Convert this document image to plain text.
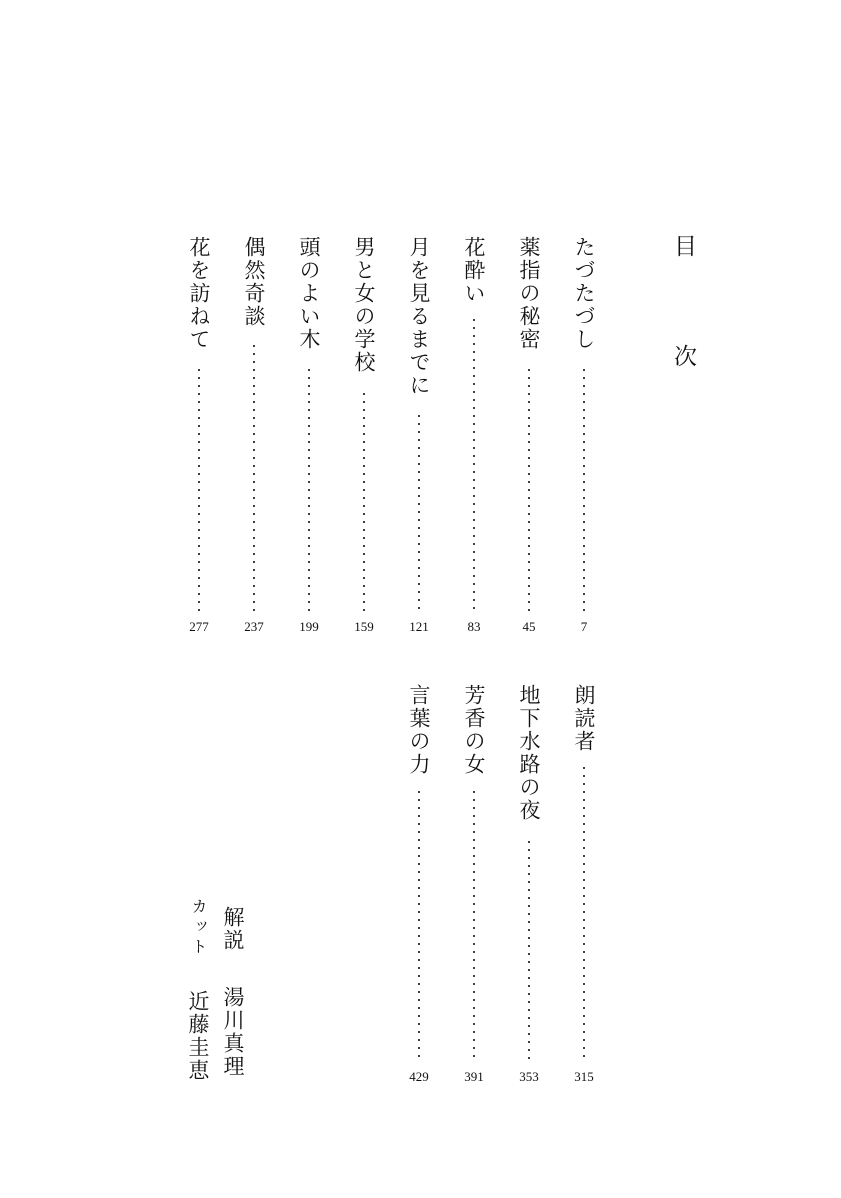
目
次
たづたづし
7
薬指の秘密
45
花酔い
83
月を見るまでに
121
男と女の学校
159
頭のよい木
199
偶然奇談
237
花を訪ねて
277
朗読者
315
地下水路の夜
353
芳香の女
391
言葉の力
429
解説
湯川真理
カット
近藤圭恵
